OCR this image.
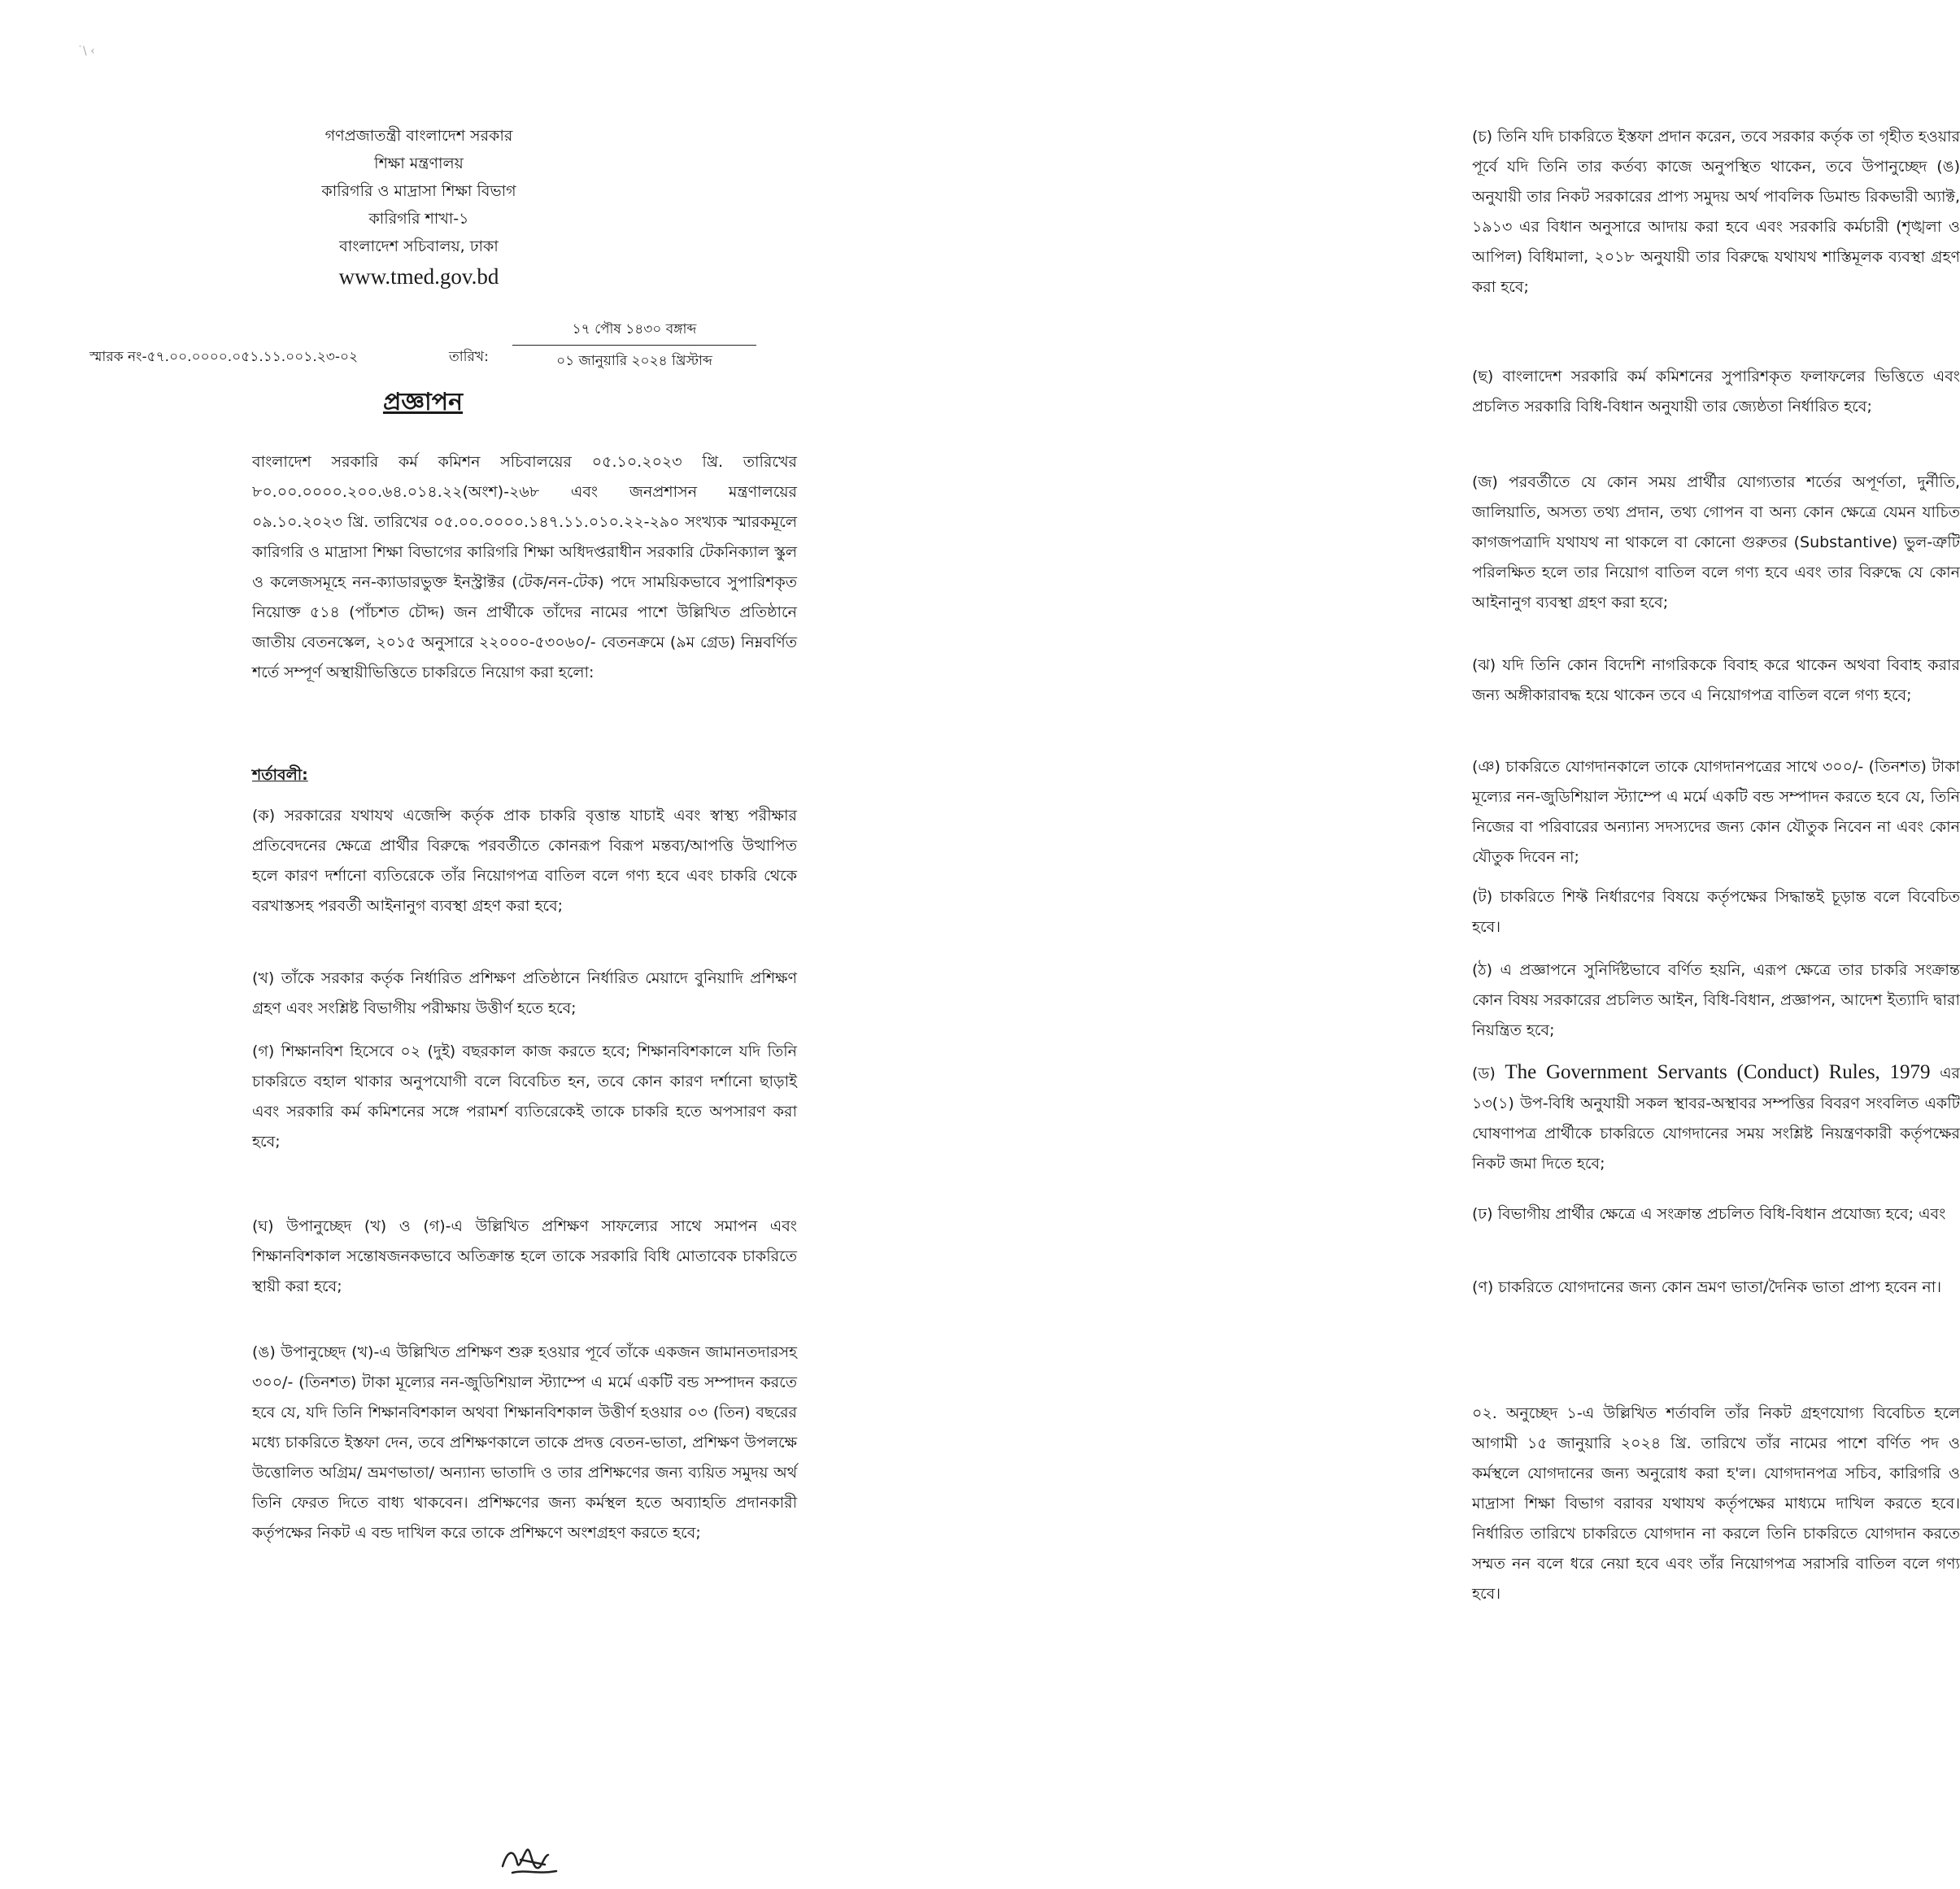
˙\ ‹
গণপ্রজাতন্ত্রী বাংলাদেশ সরকার
শিক্ষা মন্ত্রণালয়
কারিগরি ও মাদ্রাসা শিক্ষা বিভাগ
কারিগরি শাখা-১
বাংলাদেশ সচিবালয়, ঢাকা
www.tmed.gov.bd
স্মারক নং-৫৭.০০.০০০০.০৫১.১১.০০১.২৩-০২	তারিখ:
১৭ পৌষ ১৪৩০ বঙ্গাব্দ
০১ জানুয়ারি ২০২৪ খ্রিস্টাব্দ
প্রজ্ঞাপন

বাংলাদেশ সরকারি কর্ম কমিশন সচিবালয়ের ০৫.১০.২০২৩ খ্রি. তারিখের ৮০.০০.০০০০.২০০.৬৪.০১৪.২২(অংশ)-২৬৮ এবং জনপ্রশাসন মন্ত্রণালয়ের ০৯.১০.২০২৩ খ্রি. তারিখের ০৫.০০.০০০০.১৪৭.১১.০১০.২২-২৯০ সংখ্যক স্মারকমূলে কারিগরি ও মাদ্রাসা শিক্ষা বিভাগের কারিগরি শিক্ষা অধিদপ্তরাধীন সরকারি টেকনিক্যাল স্কুল ও কলেজসমূহে নন-ক্যাডারভুক্ত ইনস্ট্রাক্টর (টেক/নন-টেক) পদে সাময়িকভাবে সুপারিশকৃত নিয়োক্ত ৫১৪ (পাঁচশত চৌদ্দ) জন প্রার্থীকে তাঁদের নামের পাশে উল্লিখিত প্রতিষ্ঠানে জাতীয় বেতনস্কেল, ২০১৫ অনুসারে ২২০০০-৫৩০৬০/- বেতনক্রমে (৯ম গ্রেড) নিম্নবর্ণিত শর্তে সম্পূর্ণ অস্থায়ীভিত্তিতে চাকরিতে নিয়োগ করা হলো:

শর্তাবলী:

(ক) সরকারের যথাযথ এজেন্সি কর্তৃক প্রাক চাকরি বৃত্তান্ত যাচাই এবং স্বাস্থ্য পরীক্ষার প্রতিবেদনের ক্ষেত্রে প্রার্থীর বিরুদ্ধে পরবর্তীতে কোনরূপ বিরূপ মন্তব্য/আপত্তি উত্থাপিত হলে কারণ দর্শানো ব্যতিরেকে তাঁর নিয়োগপত্র বাতিল বলে গণ্য হবে এবং চাকরি থেকে বরখাস্তসহ পরবর্তী আইনানুগ ব্যবস্থা গ্রহণ করা হবে;

(খ) তাঁকে সরকার কর্তৃক নির্ধারিত প্রশিক্ষণ প্রতিষ্ঠানে নির্ধারিত মেয়াদে বুনিয়াদি প্রশিক্ষণ গ্রহণ এবং সংশ্লিষ্ট বিভাগীয় পরীক্ষায় উত্তীর্ণ হতে হবে;

(গ) শিক্ষানবিশ হিসেবে ০২ (দুই) বছরকাল কাজ করতে হবে; শিক্ষানবিশকালে যদি তিনি চাকরিতে বহাল থাকার অনুপযোগী বলে বিবেচিত হন, তবে কোন কারণ দর্শানো ছাড়াই এবং সরকারি কর্ম কমিশনের সঙ্গে পরামর্শ ব্যতিরেকেই তাকে চাকরি হতে অপসারণ করা হবে;

(ঘ) উপানুচ্ছেদ (খ) ও (গ)-এ উল্লিখিত প্রশিক্ষণ সাফল্যের সাথে সমাপন এবং শিক্ষানবিশকাল সন্তোষজনকভাবে অতিক্রান্ত হলে তাকে সরকারি বিধি মোতাবেক চাকরিতে স্থায়ী করা হবে;

(ঙ) উপানুচ্ছেদ (খ)-এ উল্লিখিত প্রশিক্ষণ শুরু হওয়ার পূর্বে তাঁকে একজন জামানতদারসহ ৩০০/- (তিনশত) টাকা মূল্যের নন-জুডিশিয়াল স্ট্যাম্পে এ মর্মে একটি বন্ড সম্পাদন করতে হবে যে, যদি তিনি শিক্ষানবিশকাল অথবা শিক্ষানবিশকাল উত্তীর্ণ হওয়ার ০৩ (তিন) বছরের মধ্যে চাকরিতে ইস্তফা দেন, তবে প্রশিক্ষণকালে তাকে প্রদত্ত বেতন-ভাতা, প্রশিক্ষণ উপলক্ষে উত্তোলিত অগ্রিম/ ভ্রমণভাতা/ অন্যান্য ভাতাদি ও তার প্রশিক্ষণের জন্য ব্যয়িত সমুদয় অর্থ তিনি ফেরত দিতে বাধ্য থাকবেন। প্রশিক্ষণের জন্য কর্মস্থল হতে অব্যাহতি প্রদানকারী কর্তৃপক্ষের নিকট এ বন্ড দাখিল করে তাকে প্রশিক্ষণে অংশগ্রহণ করতে হবে;

(চ) তিনি যদি চাকরিতে ইস্তফা প্রদান করেন, তবে সরকার কর্তৃক তা গৃহীত হওয়ার পূর্বে যদি তিনি তার কর্তব্য কাজে অনুপস্থিত থাকেন, তবে উপানুচ্ছেদ (ঙ) অনুযায়ী তার নিকট সরকারের প্রাপ্য সমুদয় অর্থ পাবলিক ডিমান্ড রিকভারী অ্যাক্ট, ১৯১৩ এর বিধান অনুসারে আদায় করা হবে এবং সরকারি কর্মচারী (শৃঙ্খলা ও আপিল) বিধিমালা, ২০১৮ অনুযায়ী তার বিরুদ্ধে যথাযথ শাস্তিমূলক ব্যবস্থা গ্রহণ করা হবে;

(ছ) বাংলাদেশ সরকারি কর্ম কমিশনের সুপারিশকৃত ফলাফলের ভিত্তিতে এবং প্রচলিত সরকারি বিধি-বিধান অনুযায়ী তার জ্যেষ্ঠতা নির্ধারিত হবে;

(জ) পরবর্তীতে যে কোন সময় প্রার্থীর যোগ্যতার শর্তের অপূর্ণতা, দুর্নীতি, জালিয়াতি, অসত্য তথ্য প্রদান, তথ্য গোপন বা অন্য কোন ক্ষেত্রে যেমন যাচিত কাগজপত্রাদি যথাযথ না থাকলে বা কোনো গুরুতর (Substantive) ভুল-ত্রুটি পরিলক্ষিত হলে তার নিয়োগ বাতিল বলে গণ্য হবে এবং তার বিরুদ্ধে যে কোন আইনানুগ ব্যবস্থা গ্রহণ করা হবে;

(ঝ) যদি তিনি কোন বিদেশি নাগরিককে বিবাহ করে থাকেন অথবা বিবাহ করার জন্য অঙ্গীকারাবদ্ধ হয়ে থাকেন তবে এ নিয়োগপত্র বাতিল বলে গণ্য হবে;

(ঞ) চাকরিতে যোগদানকালে তাকে যোগদানপত্রের সাথে ৩০০/- (তিনশত) টাকা মূল্যের নন-জুডিশিয়াল স্ট্যাম্পে এ মর্মে একটি বন্ড সম্পাদন করতে হবে যে, তিনি নিজের বা পরিবারের অন্যান্য সদস্যদের জন্য কোন যৌতুক নিবেন না এবং কোন যৌতুক দিবেন না;

(ট) চাকরিতে শিফ্ট নির্ধারণের বিষয়ে কর্তৃপক্ষের সিদ্ধান্তই চূড়ান্ত বলে বিবেচিত হবে।

(ঠ) এ প্রজ্ঞাপনে সুনির্দিষ্টভাবে বর্ণিত হয়নি, এরূপ ক্ষেত্রে তার চাকরি সংক্রান্ত কোন বিষয় সরকারের প্রচলিত আইন, বিধি-বিধান, প্রজ্ঞাপন, আদেশ ইত্যাদি দ্বারা নিয়ন্ত্রিত হবে;

(ড) The Government Servants (Conduct) Rules, 1979 এর ১৩(১) উপ-বিধি অনুযায়ী সকল স্থাবর-অস্থাবর সম্পত্তির বিবরণ সংবলিত একটি ঘোষণাপত্র প্রার্থীকে চাকরিতে যোগদানের সময় সংশ্লিষ্ট নিয়ন্ত্রণকারী কর্তৃপক্ষের নিকট জমা দিতে হবে;

(ঢ) বিভাগীয় প্রার্থীর ক্ষেত্রে এ সংক্রান্ত প্রচলিত বিধি-বিধান প্রযোজ্য হবে; এবং

(ণ) চাকরিতে যোগদানের জন্য কোন ভ্রমণ ভাতা/দৈনিক ভাতা প্রাপ্য হবেন না।

০২. অনুচ্ছেদ ১-এ উল্লিখিত শর্তাবলি তাঁর নিকট গ্রহণযোগ্য বিবেচিত হলে আগামী ১৫ জানুয়ারি ২০২৪ খ্রি. তারিখে তাঁর নামের পাশে বর্ণিত পদ ও কর্মস্থলে যোগদানের জন্য অনুরোধ করা হ'ল। যোগদানপত্র সচিব, কারিগরি ও মাদ্রাসা শিক্ষা বিভাগ বরাবর যথাযথ কর্তৃপক্ষের মাধ্যমে দাখিল করতে হবে। নির্ধারিত তারিখে চাকরিতে যোগদান না করলে তিনি চাকরিতে যোগদান করতে সম্মত নন বলে ধরে নেয়া হবে এবং তাঁর নিয়োগপত্র সরাসরি বাতিল বলে গণ্য হবে।
